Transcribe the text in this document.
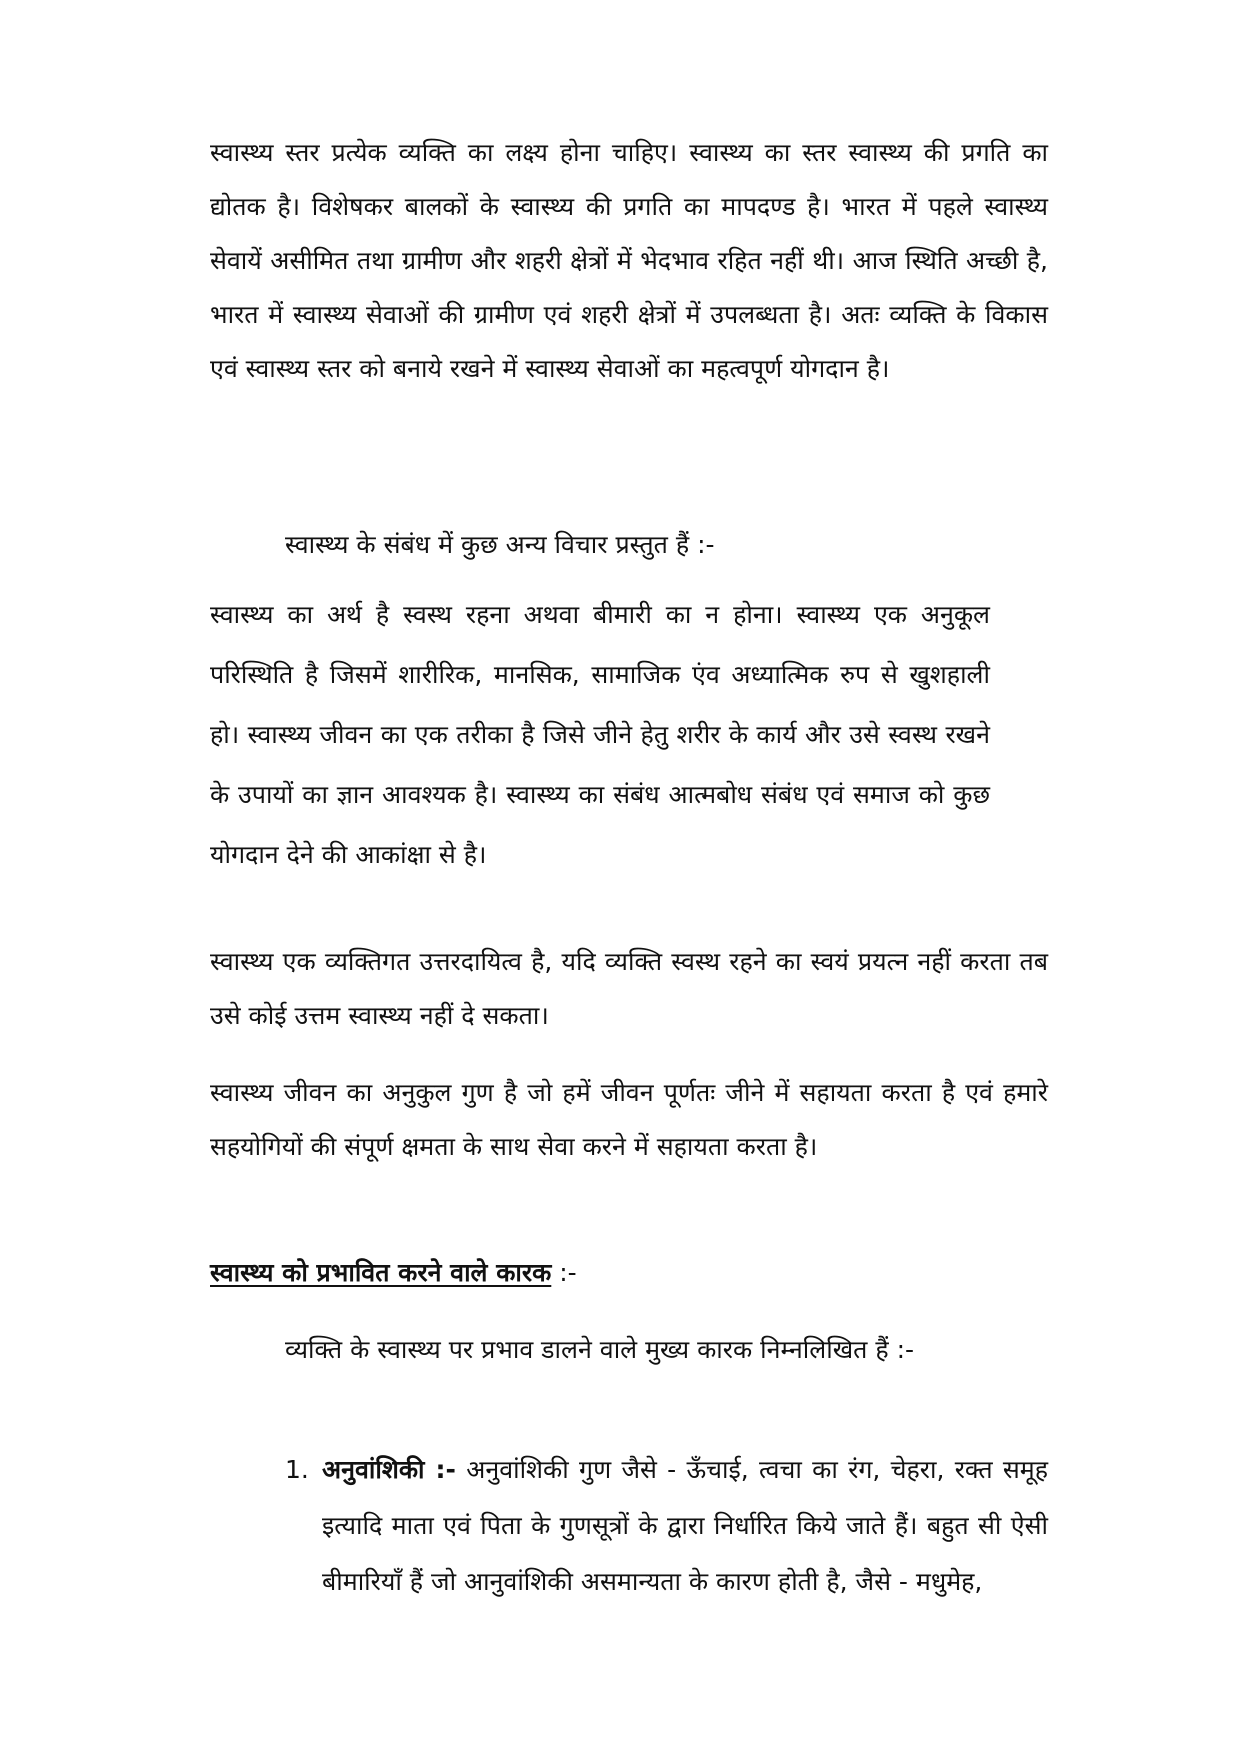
स्वास्थ्य स्तर प्रत्येक व्यक्ति का लक्ष्य होना चाहिए। स्वास्थ्य का स्तर स्वास्थ्य की प्रगति का द्योतक है। विशेषकर बालकों के स्वास्थ्य की प्रगति का मापदण्ड है। भारत में पहले स्वास्थ्य सेवायें असीमित तथा ग्रामीण और शहरी क्षेत्रों में भेदभाव रहित नहीं थी। आज स्थिति अच्छी है, भारत में स्वास्थ्य सेवाओं की ग्रामीण एवं शहरी क्षेत्रों में उपलब्धता है। अतः व्यक्ति के विकास एवं स्वास्थ्य स्तर को बनाये रखने में स्वास्थ्य सेवाओं का महत्वपूर्ण योगदान है।

स्वास्थ्य के संबंध में कुछ अन्य विचार प्रस्तुत हैं :-

स्वास्थ्य का अर्थ है स्वस्थ रहना अथवा बीमारी का न होना। स्वास्थ्य एक अनुकूल परिस्थिति है जिसमें शारीरिक, मानसिक, सामाजिक एंव अध्यात्मिक रुप से खुशहाली हो। स्वास्थ्य जीवन का एक तरीका है जिसे जीने हेतु शरीर के कार्य और उसे स्वस्थ रखने के उपायों का ज्ञान आवश्यक है। स्वास्थ्य का संबंध आत्मबोध संबंध एवं समाज को कुछ योगदान देने की आकांक्षा से है।

स्वास्थ्य एक व्यक्तिगत उत्तरदायित्व है, यदि व्यक्ति स्वस्थ रहने का स्वयं प्रयत्न नहीं करता तब उसे कोई उत्तम स्वास्थ्य नहीं दे सकता।

स्वास्थ्य जीवन का अनुकुल गुण है जो हमें जीवन पूर्णतः जीने में सहायता करता है एवं हमारे सहयोगियों की संपूर्ण क्षमता के साथ सेवा करने में सहायता करता है।

स्वास्थ्य को प्रभावित करने वाले कारक :-

व्यक्ति के स्वास्थ्य पर प्रभाव डालने वाले मुख्य कारक निम्नलिखित हैं :-

1. अनुवांशिकी :- अनुवांशिकी गुण जैसे - ऊँचाई, त्वचा का रंग, चेहरा, रक्त समूह इत्यादि माता एवं पिता के गुणसूत्रों के द्वारा निर्धारित किये जाते हैं। बहुत सी ऐसी बीमारियाँ हैं जो आनुवांशिकी असमान्यता के कारण होती है, जैसे - मधुमेह,
